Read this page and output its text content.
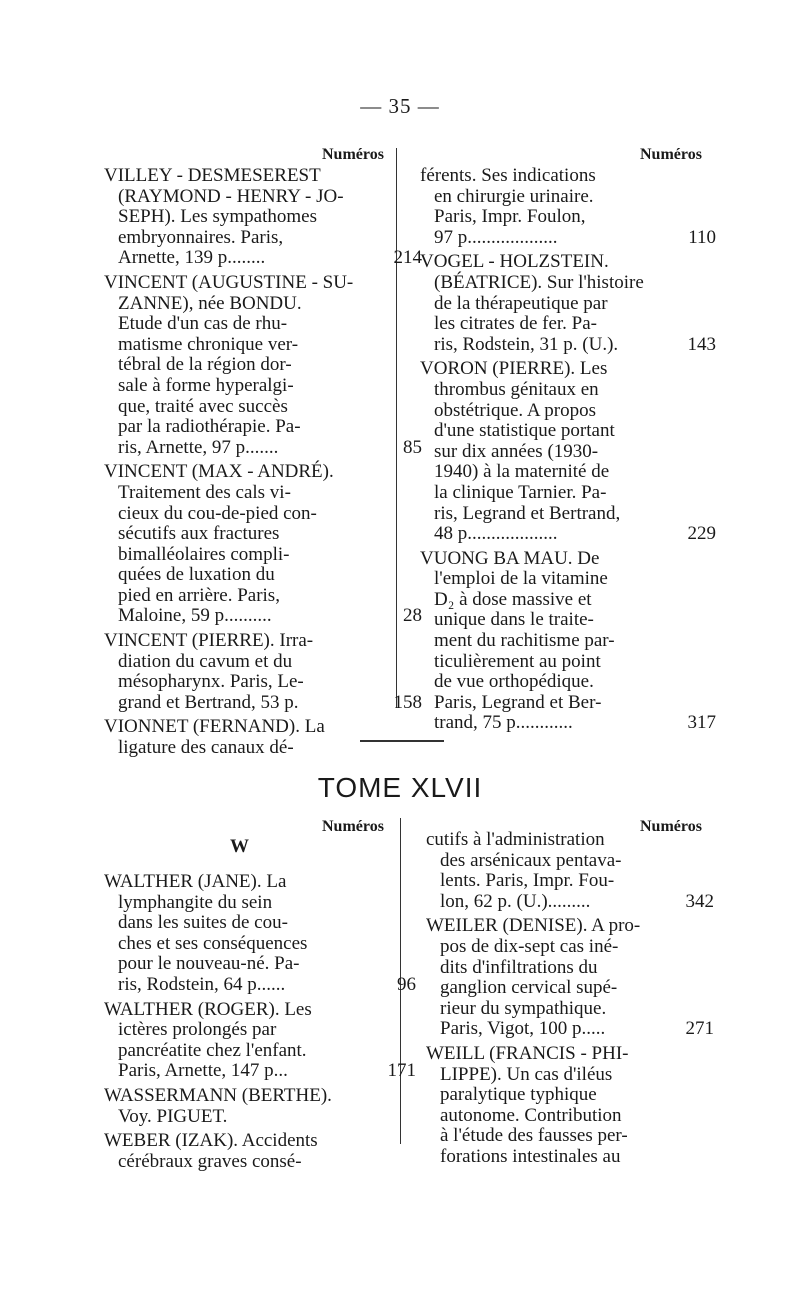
— 35 —
Numéros	Numéros
VILLEY - DESMESEREST
(RAYMOND - HENRY - JO-
SEPH). Les sympathomes
embryonnaires. Paris,
Arnette, 139 p........	214
VINCENT (AUGUSTINE - SU-
ZANNE), née BONDU.
Etude d'un cas de rhu-
matisme chronique ver-
tébral de la région dor-
sale à forme hyperalgi-
que, traité avec succès
par la radiothérapie. Pa-
ris, Arnette, 97 p.......	85
VINCENT (MAX - ANDRÉ).
Traitement des cals vi-
cieux du cou-de-pied con-
sécutifs aux fractures
bimalléolaires compli-
quées de luxation du
pied en arrière. Paris,
Maloine, 59 p..........	28
VINCENT (PIERRE). Irra-
diation du cavum et du
mésopharynx. Paris, Le-
grand et Bertrand, 53 p.	158
VIONNET (FERNAND). La
ligature des canaux dé-
férents. Ses indications
en chirurgie urinaire.
Paris, Impr. Foulon,
97 p...................	110
VOGEL - HOLZSTEIN.
(BÉATRICE). Sur l'histoire
de la thérapeutique par
les citrates de fer. Pa-
ris, Rodstein, 31 p. (U.).	143
VORON (PIERRE). Les
thrombus génitaux en
obstétrique. A propos
d'une statistique portant
sur dix années (1930-
1940) à la maternité de
la clinique Tarnier. Pa-
ris, Legrand et Bertrand,
48 p...................	229
VUONG BA MAU. De
l'emploi de la vitamine
D₂ à dose massive et
unique dans le traite-
ment du rachitisme par-
ticulièrement au point
de vue orthopédique.
Paris, Legrand et Ber-
trand, 75 p............	317
TOME XLVII
Numéros	Numéros
W
WALTHER (JANE). La
lymphangite du sein
dans les suites de cou-
ches et ses conséquences
pour le nouveau-né. Pa-
ris, Rodstein, 64 p......	96
WALTHER (ROGER). Les
ictères prolongés par
pancréatite chez l'enfant.
Paris, Arnette, 147 p...	171
WASSERMANN (BERTHE).
Voy. PIGUET.
WEBER (IZAK). Accidents
cérébraux graves consé-
cutifs à l'administration
des arsénicaux pentava-
lents. Paris, Impr. Fou-
lon, 62 p. (U.).........	342
WEILER (DENISE). A pro-
pos de dix-sept cas iné-
dits d'infiltrations du
ganglion cervical supé-
rieur du sympathique.
Paris, Vigot, 100 p.....	271
WEILL (FRANCIS - PHI-
LIPPE). Un cas d'iléus
paralytique typhique
autonome. Contribution
à l'étude des fausses per-
forations intestinales au
